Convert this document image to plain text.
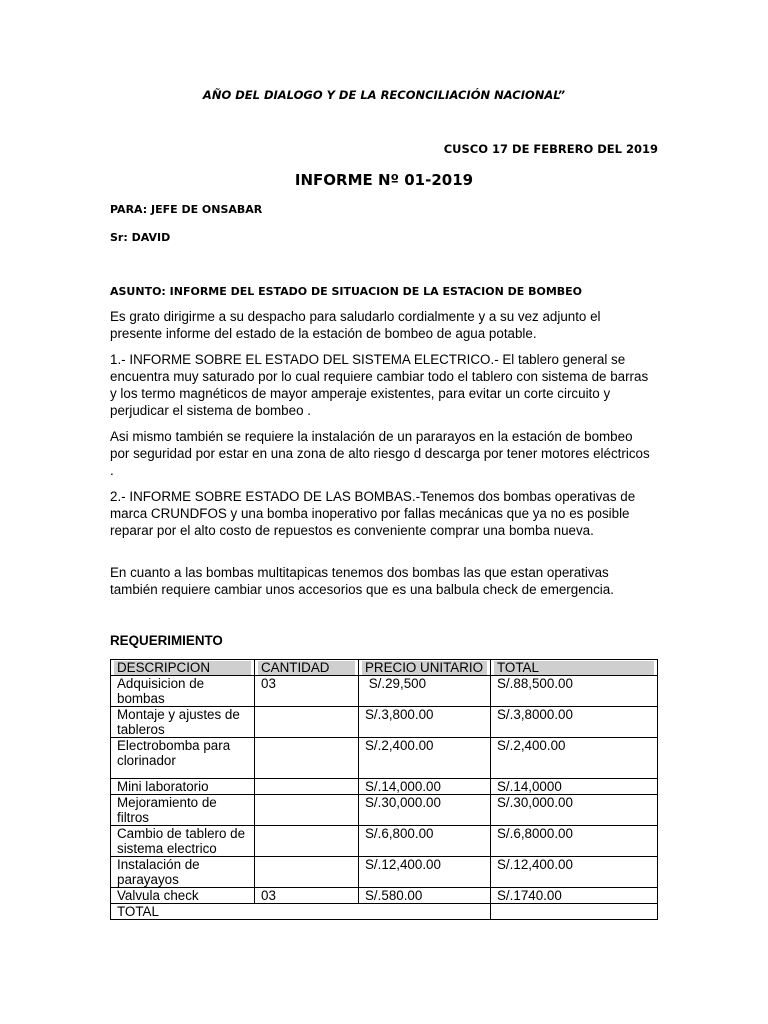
AÑO DEL DIALOGO Y DE LA RECONCILIACIÓN NACIONAL”
CUSCO 17 DE FEBRERO DEL 2019
INFORME Nº 01-2019
PARA: JEFE DE ONSABAR
Sr: DAVID
ASUNTO: INFORME DEL ESTADO DE SITUACION DE LA ESTACION DE BOMBEO
Es grato dirigirme a su despacho para saludarlo cordialmente y a su vez adjunto el presente informe del estado de la estación de bombeo de agua potable.
1.- INFORME SOBRE EL ESTADO DEL SISTEMA ELECTRICO.- El tablero general se encuentra muy saturado por lo cual requiere cambiar todo el tablero con sistema de barras y los termo magnéticos de mayor amperaje existentes, para evitar un corte circuito y perjudicar el sistema de bombeo .
Asi mismo también se requiere la instalación de un pararayos en la estación de bombeo por seguridad por estar en una zona de alto riesgo d descarga por tener motores eléctricos .
2.- INFORME SOBRE ESTADO DE LAS BOMBAS.-Tenemos dos bombas operativas de marca CRUNDFOS y una bomba inoperativo por fallas mecánicas que ya no es posible reparar por el alto costo de repuestos es conveniente comprar una bomba nueva.
En cuanto a las bombas multitapicas tenemos dos bombas las que estan operativas también requiere cambiar unos accesorios que es una balbula check de emergencia.
REQUERIMIENTO
DESCRIPCION	CANTIDAD	PRECIO UNITARIO	TOTAL

Adquisicion de bombas	03	S/.29,500	S/.88,500.00
Montaje y ajustes de tableros		S/.3,800.00	S/.3,8000.00
Electrobomba para clorinador		S/.2,400.00	S/.2,400.00
Mini laboratorio		S/.14,000.00	S/.14,0000
Mejoramiento de filtros		S/.30,000.00	S/.30,000.00
Cambio de tablero de sistema electrico		S/.6,800.00	S/.6,8000.00
Instalación de parayayos		S/.12,400.00	S/.12,400.00
Valvula check	03	S/.580.00	S/.1740.00
TOTAL			
